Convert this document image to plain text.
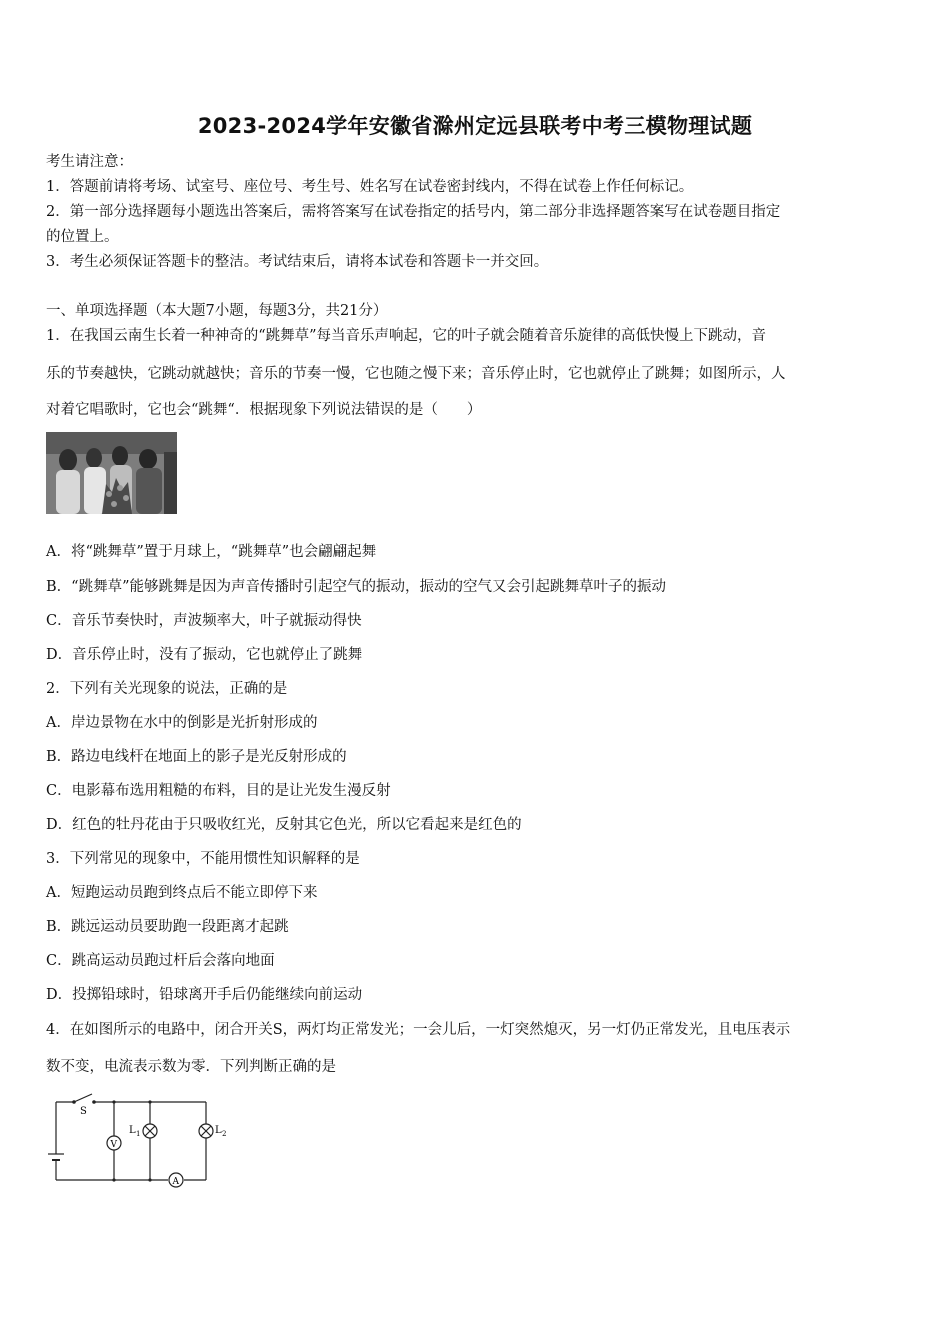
2023-2024学年安徽省滁州定远县联考中考三模物理试题
考生请注意：
1．答题前请将考场、试室号、座位号、考生号、姓名写在试卷密封线内，不得在试卷上作任何标记。
2．第一部分选择题每小题选出答案后，需将答案写在试卷指定的括号内，第二部分非选择题答案写在试卷题目指定
的位置上。
3．考生必须保证答题卡的整洁。考试结束后，请将本试卷和答题卡一并交回。
一、单项选择题（本大题7小题，每题3分，共21分）
1．在我国云南生长着一种神奇的“跳舞草”每当音乐声响起，它的叶子就会随着音乐旋律的高低快慢上下跳动，音
乐的节奏越快，它跳动就越快；音乐的节奏一慢，它也随之慢下来；音乐停止时，它也就停止了跳舞；如图所示，人
对着它唱歌时，它也会“跳舞“．根据现象下列说法错误的是（　　）
A．将“跳舞草”置于月球上，“跳舞草”也会翩翩起舞
B．“跳舞草”能够跳舞是因为声音传播时引起空气的振动，振动的空气又会引起跳舞草叶子的振动
C．音乐节奏快时，声波频率大，叶子就振动得快
D．音乐停止时，没有了振动，它也就停止了跳舞
2．下列有关光现象的说法，正确的是
A．岸边景物在水中的倒影是光折射形成的
B．路边电线杆在地面上的影子是光反射形成的
C．电影幕布选用粗糙的布料，目的是让光发生漫反射
D．红色的牡丹花由于只吸收红光，反射其它色光，所以它看起来是红色的
3．下列常见的现象中，不能用惯性知识解释的是
A．短跑运动员跑到终点后不能立即停下来
B．跳远运动员要助跑一段距离才起跳
C．跳高运动员跑过杆后会落向地面
D．投掷铅球时，铅球离开手后仍能继续向前运动
4．在如图所示的电路中，闭合开关S，两灯均正常发光；一会儿后，一灯突然熄灭，另一灯仍正常发光，且电压表示
数不变，电流表示数为零．下列判断正确的是
S
V
L 1	L 2
A
